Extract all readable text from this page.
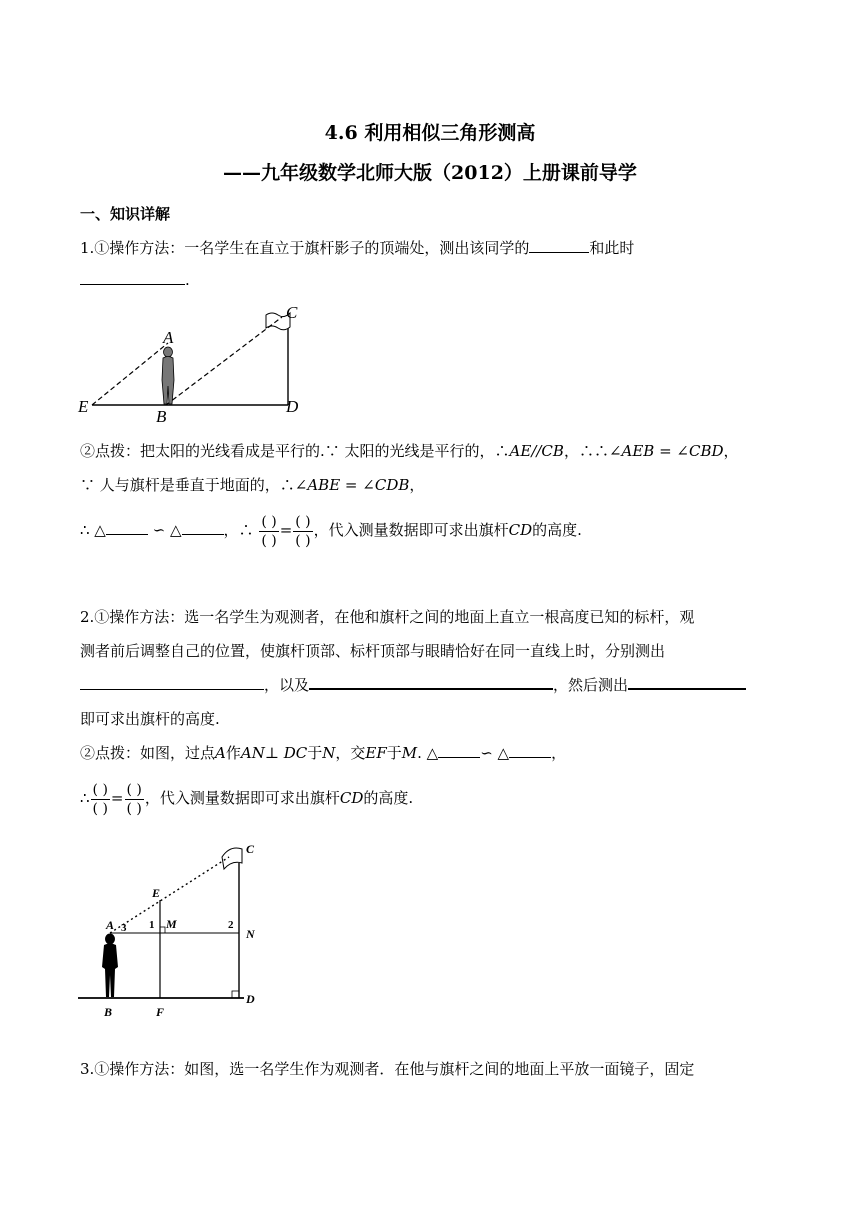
4.6 利用相似三角形测高
——九年级数学北师大版（2012）上册课前导学
一、知识详解
1.①操作方法：一名学生在直立于旗杆影子的顶端处，测出该同学的	和此时
.
A
B
C
D
E
②点拨：把太阳的光线看成是平行的.∵ 太阳的光线是平行的，∴AE//CB，∴∴∠AEB = ∠CBD，
∵ 人与旗杆是垂直于地面的，∴∠ABE = ∠CDB，
∴ △	∽ △	，∴ $\frac{( )}{( )} = \frac{( )}{( )}$ ，代入测量数据即可求出旗杆CD的高度.
2.①操作方法：选一名学生为观测者，在他和旗杆之间的地面上直立一根高度已知的标杆，观
测者前后调整自己的位置，使旗杆顶部、标杆顶部与眼睛恰好在同一直线上时，分别测出
，以及	，然后测出
即可求出旗杆的高度.
②点拨：如图，过点A作AN⊥ DC于N，交EF于M. △	∽ △	，
∴ $\frac{( )}{( )} = \frac{( )}{( )}$ ，代入测量数据即可求出旗杆CD的高度.
B	F
D
N
C
E
M
A	1	2
3
3.①操作方法：如图，选一名学生作为观测者．在他与旗杆之间的地面上平放一面镜子，固定
